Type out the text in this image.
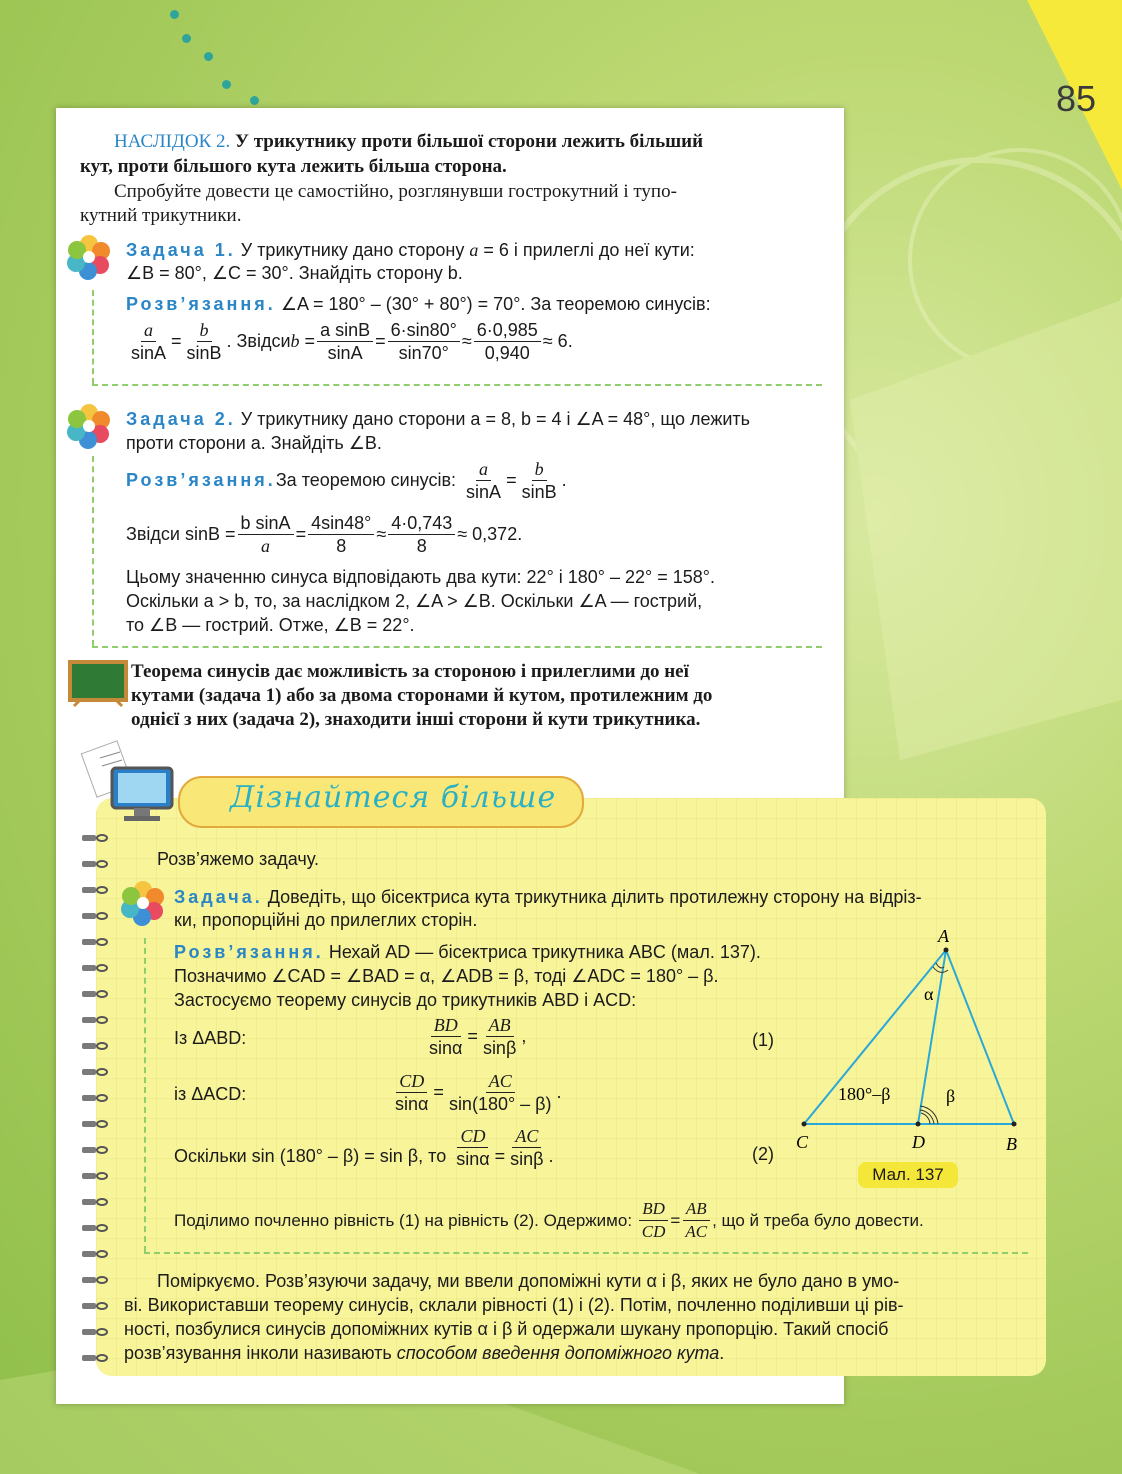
85
НАСЛІДОК 2. У трикутнику проти більшої сторони лежить більший
кут, проти більшого кута лежить більша сторона.
Спробуйте довести це самостійно, розглянувши гострокутний і тупо-
кутний трикутники.
Задача 1. У трикутнику дано сторону a = 6 і прилеглі до неї кути:
∠B = 80°, ∠C = 30°. Знайдіть сторону b.
Розв’язання. ∠A = 180° – (30° + 80°) = 70°. За теоремою синусів:
$\frac{a}{\sin A} = \frac{b}{\sin B}$ . Звідси $b = \frac{\text{a sinB}}{\sin A} = \frac{6\cdot\sin 80^\circ}{\sin 70^\circ} \approx \frac{6\cdot 0,985}{0,940} \approx 6$.
Задача 2. У трикутнику дано сторони a = 8, b = 4 і ∠A = 48°, що лежить
проти сторони a. Знайдіть ∠B.
Розв’язання. За теоремою синусів:
$\frac{a}{\sin A} = \frac{b}{\sin B}$ .
Звідси $\sin B = \frac{\text{b sinA}}{a} = \frac{4\sin 48^\circ}{8} \approx \frac{4\cdot 0,743}{8} \approx 0,372$.
Цьому значенню синуса відповідають два кути: 22° і 180° – 22° = 158°.
Оскільки a > b, то, за наслідком 2, ∠A > ∠B. Оскільки ∠A — гострий,
то ∠B — гострий. Отже, ∠B = 22°.
Теорема синусів дає можливість за стороною і прилеглими до неї
кутами (задача 1) або за двома сторонами й кутом, протилежним до
однієї з них (задача 2), знаходити інші сторони й кути трикутника.
Дізнайтеся більше
Розв’яжемо задачу.
Задача. Доведіть, що бісектриса кута трикутника ділить протилежну сторону на відріз-
ки, пропорційні до прилеглих сторін.
Розв’язання. Нехай AD — бісектриса трикутника ABC (мал. 137).
Позначимо ∠CAD = ∠BAD = α, ∠ADB = β, тоді ∠ADC = 180° – β.
Застосуємо теорему синусів до трикутників ABD і ACD:
Із ΔABD:	$\frac{BD}{\sin\alpha} = \frac{AB}{\sin\beta}$ ,	(1)
із ΔACD:	$\frac{CD}{\sin\alpha} = \frac{AC}{\sin(180^\circ - \beta)}$ .
Оскільки sin (180° – β) = sin β, то
$\frac{CD}{\sin\alpha} = \frac{AC}{\sin\beta}$ .	(2)
Поділимо почленно рівність (1) на рівність (2). Одержимо:
$\frac{BD}{CD} = \frac{AB}{AC}$ , що й треба було довести.
Поміркуємо. Розв’язуючи задачу, ми ввели допоміжні кути α і β, яких не було дано в умо-
ві. Використавши теорему синусів, склали рівності (1) і (2). Потім, почленно поділивши ці рів-
ності, позбулися синусів допоміжних кутів α і β й одержали шукану пропорцію. Такий спосіб
розв’язування інколи називають способом введення допоміжного кута.
A
C	D	B
α
180°–β	β
Мал. 137
